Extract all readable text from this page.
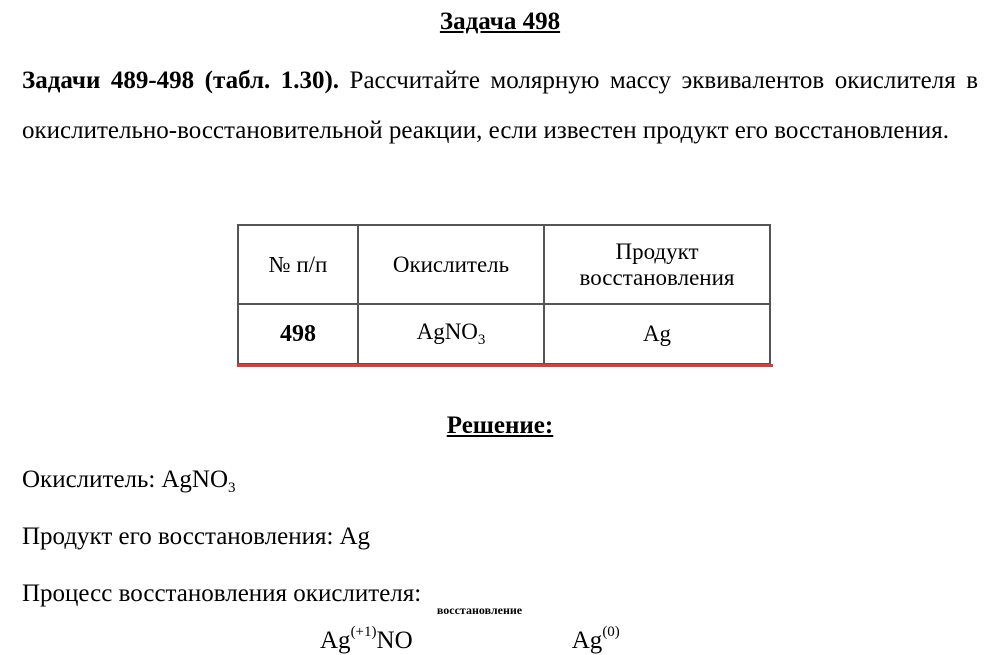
Задача 498
Задачи 489-498 (табл. 1.30). Рассчитайте молярную массу эквивалентов окислителя в окислительно-восстановительной реакции, если известен продукт его восстановления.
№ п/п	Окислитель	Продукт восстановления
498	AgNO$_3$	Ag
Решение:
Окислитель: AgNO$_3$
Продукт его восстановления: Ag
Процесс восстановления окислителя:
$Ag^{(+1)}NO$
восстановление
Ag$^{(0)}$
